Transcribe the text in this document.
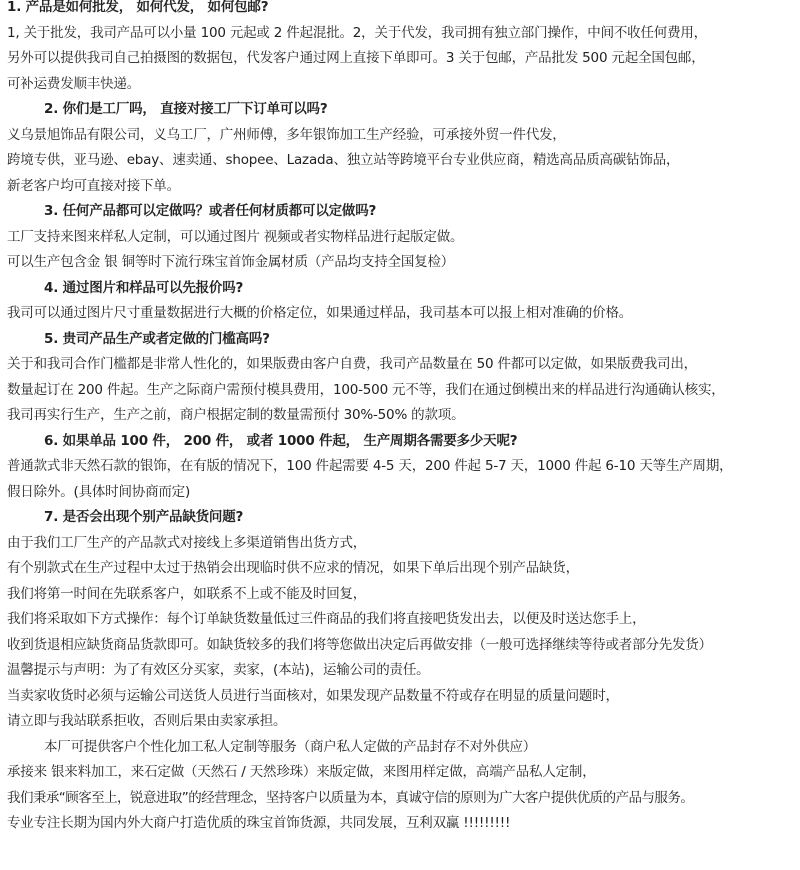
1. 产品是如何批发， 如何代发， 如何包邮?
1, 关于批发，我司产品可以小量 100 元起或 2 件起混批。2，关于代发，我司拥有独立部门操作，中间不收任何费用，
另外可以提供我司自己拍摄图的数据包，代发客户通过网上直接下单即可。3 关于包邮，产品批发 500 元起全国包邮，
可补运费发顺丰快递。
2. 你们是工厂吗， 直接对接工厂下订单可以吗?
义乌景旭饰品有限公司，义乌工厂，广州师傅，多年银饰加工生产经验，可承接外贸一件代发，
跨境专供，亚马逊、ebay、速卖通、shopee、Lazada、独立站等跨境平台专业供应商，精选高品质高碳钻饰品，
新老客户均可直接对接下单。
3. 任何产品都可以定做吗？或者任何材质都可以定做吗?
工厂支持来图来样私人定制，可以通过图片 视频或者实物样品进行起版定做。
可以生产包含金 银 铜等时下流行珠宝首饰金属材质（产品均支持全国复检）
4. 通过图片和样品可以先报价吗?
我司可以通过图片尺寸重量数据进行大概的价格定位，如果通过样品，我司基本可以报上相对准确的价格。
5. 贵司产品生产或者定做的门槛高吗?
关于和我司合作门槛都是非常人性化的，如果版费由客户自费，我司产品数量在 50 件都可以定做，如果版费我司出，
数量起订在 200 件起。生产之际商户需预付模具费用，100-500 元不等，我们在通过倒模出来的样品进行沟通确认核实，
我司再实行生产，生产之前，商户根据定制的数量需预付 30%-50% 的款项。
6. 如果单品 100 件， 200 件， 或者 1000 件起， 生产周期各需要多少天呢?
普通款式非天然石款的银饰，在有版的情况下，100 件起需要 4-5 天，200 件起 5-7 天，1000 件起 6-10 天等生产周期，
假日除外。(具体时间协商而定)
7. 是否会出现个别产品缺货问题?
由于我们工厂生产的产品款式对接线上多渠道销售出货方式，
有个别款式在生产过程中太过于热销会出现临时供不应求的情况，如果下单后出现个别产品缺货，
我们将第一时间在先联系客户，如联系不上或不能及时回复，
我们将采取如下方式操作：每个订单缺货数量低过三件商品的我们将直接吧货发出去，以便及时送达您手上，
收到货退相应缺货商品货款即可。如缺货较多的我们将等您做出决定后再做安排（一般可选择继续等待或者部分先发货）
温馨提示与声明：为了有效区分买家，卖家，(本站)，运输公司的责任。
当卖家收货时必须与运输公司送货人员进行当面核对，如果发现产品数量不符或存在明显的质量问题时，
请立即与我站联系拒收，否则后果由卖家承担。
本厂可提供客户个性化加工私人定制等服务（商户私人定做的产品封存不对外供应）
承接来 银来料加工，来石定做（天然石 / 天然珍珠）来版定做，来图用样定做，高端产品私人定制，
我们秉承“顾客至上，锐意进取”的经营理念，坚持客户以质量为本，真诚守信的原则为广大客户提供优质的产品与服务。
专业专注长期为国内外大商户打造优质的珠宝首饰货源，共同发展，互利双赢 !!!!!!!!!
